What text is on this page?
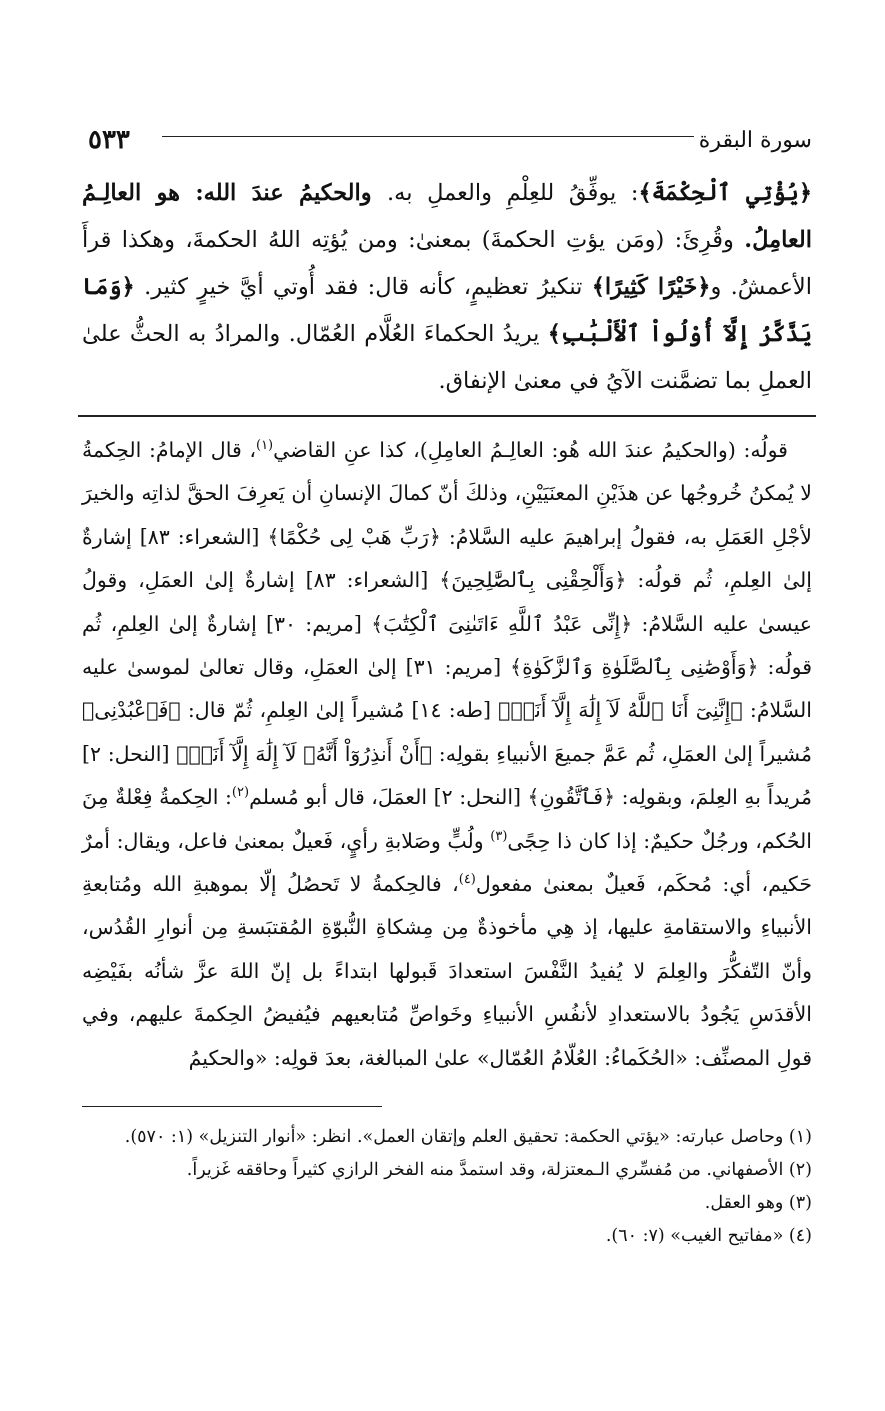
سورة البقرة
٥٣٣

﴿يُؤْتِي ٱلْحِكْمَةَ﴾: يوفِّقُ للعِلْمِ والعملِ به. والحكيمُ عندَ الله: هو العالِـمُ العامِلُ. وقُرِئَ: (ومَن يؤتِ الحكمةَ) بمعنىٰ: ومن يُؤتِه اللهُ الحكمةَ، وهكذا قرأَ الأعمشُ. و﴿خَيْرًا كَثِيرًا﴾ تنكيرُ تعظيمٍ، كأنه قال: فقد أُوتي أيَّ خيرٍ كثير. ﴿وَمَا يَذَّكَّرُ إِلَّآ أُوْلُواْ ٱلْأَلْبَٰبِ﴾ يريدُ الحكماءَ العُلَّام العُمّال. والمرادُ به الحثُّ علىٰ العملِ بما تضمَّنت الآيُ في معنىٰ الإنفاق.

قولُه: (والحكيمُ عندَ الله هُو: العالِـمُ العامِلِ)، كذا عنِ القاضي$^{(١)}$، قال الإمامُ: الحِكمةُ لا يُمكنُ خُروجُها عن هذَيْنِ المعنَيَيْنِ، وذلكَ أنّ كمالَ الإنسانِ أن يَعرِفَ الحقَّ لذاتِه والخيرَ لأجْلِ العَمَلِ به، فقولُ إبراهيمَ عليه السَّلامُ: ﴿رَبِّ هَبْ لِى حُكْمًا﴾ [الشعراء: ٨٣] إشارةٌ إلىٰ العِلمِ، ثُم قولُه: ﴿وَأَلْحِقْنِى بِٱلصَّٰلِحِينَ﴾ [الشعراء: ٨٣] إشارةٌ إلىٰ العمَلِ، وقولُ عيسىٰ عليه السَّلامُ: ﴿إِنِّى عَبْدُ ٱللَّهِ ءَاتَىٰنِىَ ٱلْكِتَٰبَ﴾ [مريم: ٣٠] إشارةٌ إلىٰ العِلمِ، ثُم قولُه: ﴿وَأَوْصَٰنِى بِٱلصَّلَوٰةِ وَٱلزَّكَوٰةِ﴾ [مريم: ٣١] إلىٰ العمَلِ، وقال تعالىٰ لموسىٰ عليه السَّلامُ: ﴿إِنَّنِىٓ أَنَا ٱللَّهُ لَآ إِلَٰهَ إِلَّآ أَنَا۠﴾ [طه: ١٤] مُشيراً إلىٰ العِلمِ، ثُمّ قال: ﴿فَٱعْبُدْنِى﴾ مُشيراً إلىٰ العمَلِ، ثُم عَمَّ جميعَ الأنبياءِ بقولِه: ﴿أَنْ أَنذِرُوٓاْ أَنَّهُۥ لَآ إِلَٰهَ إِلَّآ أَنَا۠﴾ [النحل: ٢] مُريداً بهِ العِلمَ، وبقولِه: ﴿فَٱتَّقُونِ﴾ [النحل: ٢] العمَلَ، قال أبو مُسلم$^{(٢)}$: الحِكمةُ فِعْلةٌ مِنَ الحُكم، ورجُلٌ حكيمٌ: إذا كان ذا حِجًى$^{(٣)}$ ولُبٍّ وصَلابةِ رأيٍ، فَعيلٌ بمعنىٰ فاعل، ويقال: أمرٌ حَكيم، أي: مُحكَم، فَعيلٌ بمعنىٰ مفعول$^{(٤)}$، فالحِكمةُ لا تَحصُلُ إلّا بموهبةِ الله ومُتابعةِ الأنبياءِ والاستقامةِ عليها، إذ هِي مأخوذةٌ مِن مِشكاةِ النُّبوّةِ المُقتبَسةِ مِن أنوارِ القُدُس، وأنّ التّفكُّرَ والعِلمَ لا يُفيدُ النَّفْسَ استعدادَ قَبولها ابتداءً بل إنّ اللهَ عزَّ شأنُه بفَيْضِه الأقدَسِ يَجُودُ بالاستعدادِ لأنفُسِ الأنبياءِ وخَواصِّ مُتابعيهم فيُفيضُ الحِكمةَ عليهم، وفي قولِ المصنِّف: «الحُكَماءُ: العُلّامُ العُمّال» علىٰ المبالغة، بعدَ قولِه: «والحكيمُ

(١) وحاصل عبارته: «يؤتي الحكمة: تحقيق العلم وإتقان العمل». انظر: «أنوار التنزيل» (١: ٥٧٠).
(٢) الأصفهاني. من مُفسِّري الـمعتزلة، وقد استمدَّ منه الفخر الرازي كثيراً وحاققه غَزيراً.
(٣) وهو العقل.
(٤) «مفاتيح الغيب» (٧: ٦٠).
